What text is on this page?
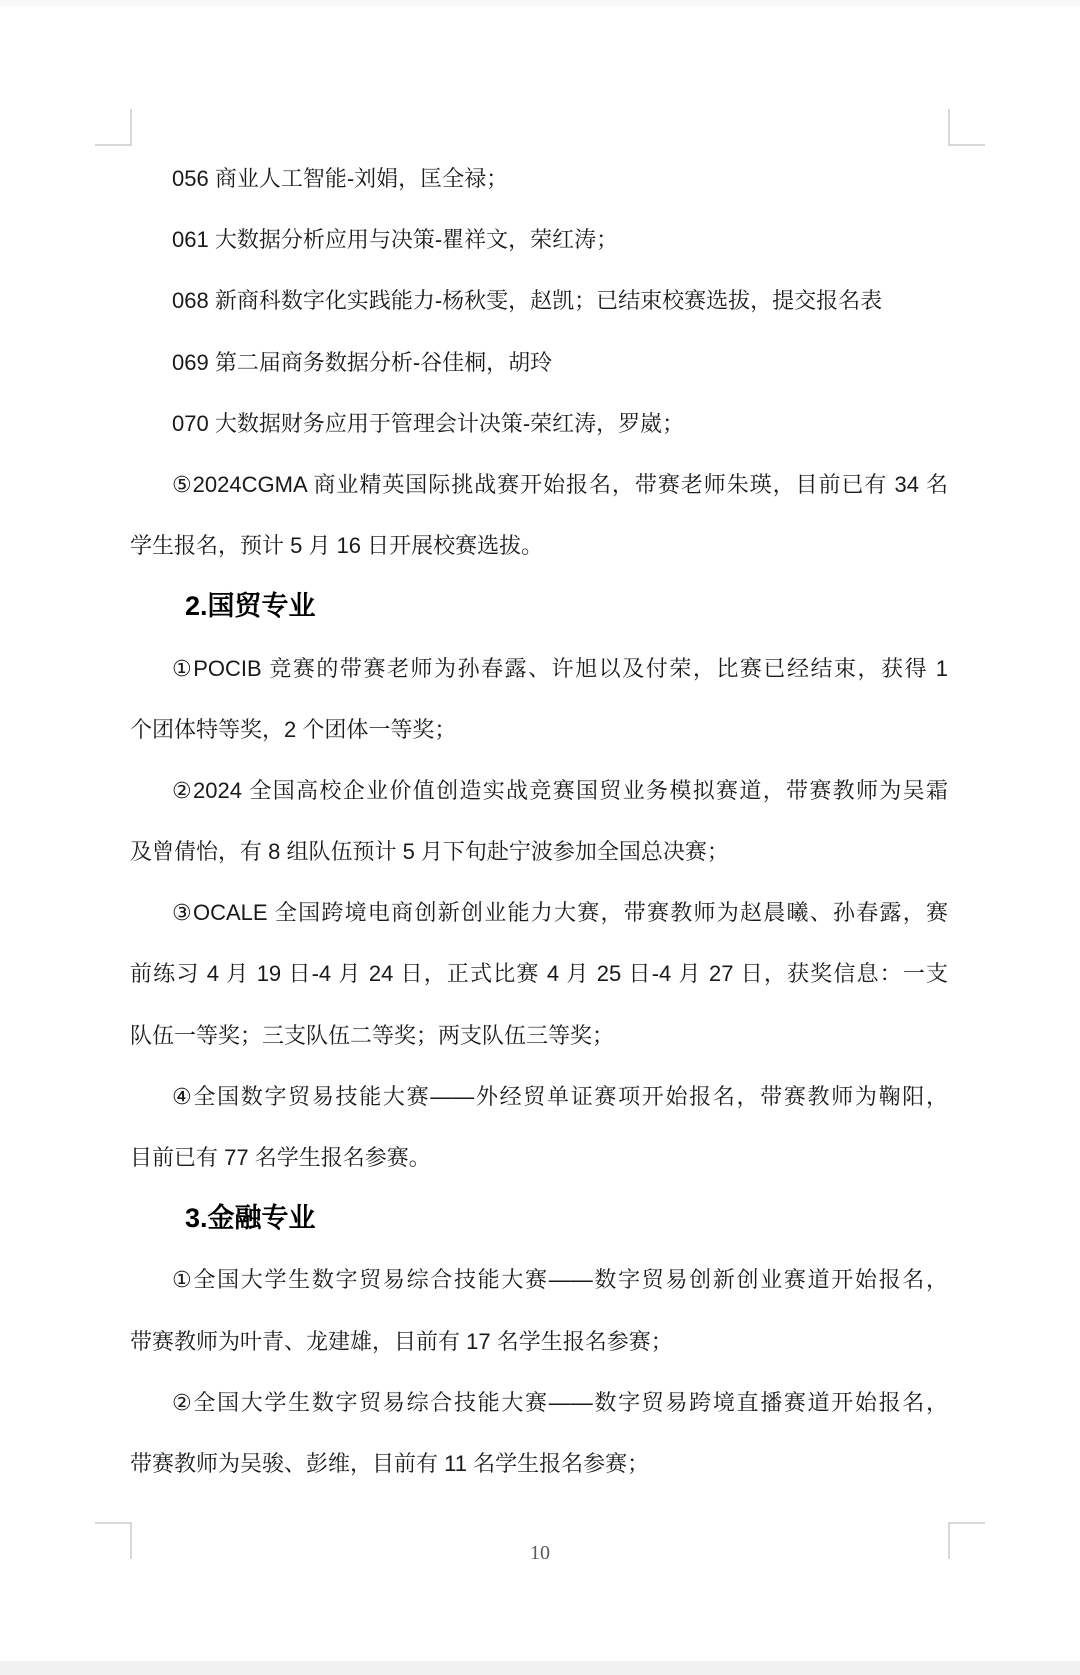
056 商业人工智能-刘娟，匡全禄；
061 大数据分析应用与决策-瞿祥文，荣红涛；
068 新商科数字化实践能力-杨秋雯，赵凯；已结束校赛选拔，提交报名表
069 第二届商务数据分析-谷佳桐，胡玲
070 大数据财务应用于管理会计决策-荣红涛，罗崴；
⑤2024CGMA 商业精英国际挑战赛开始报名，带赛老师朱瑛，目前已有 34 名
学生报名，预计 5 月 16 日开展校赛选拔。
2.国贸专业
①POCIB 竞赛的带赛老师为孙春露、许旭以及付荣，比赛已经结束，获得 1
个团体特等奖，2 个团体一等奖；
②2024 全国高校企业价值创造实战竞赛国贸业务模拟赛道，带赛教师为吴霜
及曾倩怡，有 8 组队伍预计 5 月下旬赴宁波参加全国总决赛；
③OCALE 全国跨境电商创新创业能力大赛，带赛教师为赵晨曦、孙春露，赛
前练习 4 月 19 日-4 月 24 日，正式比赛 4 月 25 日-4 月 27 日，获奖信息：一支
队伍一等奖；三支队伍二等奖；两支队伍三等奖；
④全国数字贸易技能大赛——外经贸单证赛项开始报名，带赛教师为鞠阳，
目前已有 77 名学生报名参赛。
3.金融专业
①全国大学生数字贸易综合技能大赛——数字贸易创新创业赛道开始报名，
带赛教师为叶青、龙建雄，目前有 17 名学生报名参赛；
②全国大学生数字贸易综合技能大赛——数字贸易跨境直播赛道开始报名，
带赛教师为吴骏、彭维，目前有 11 名学生报名参赛；
10
